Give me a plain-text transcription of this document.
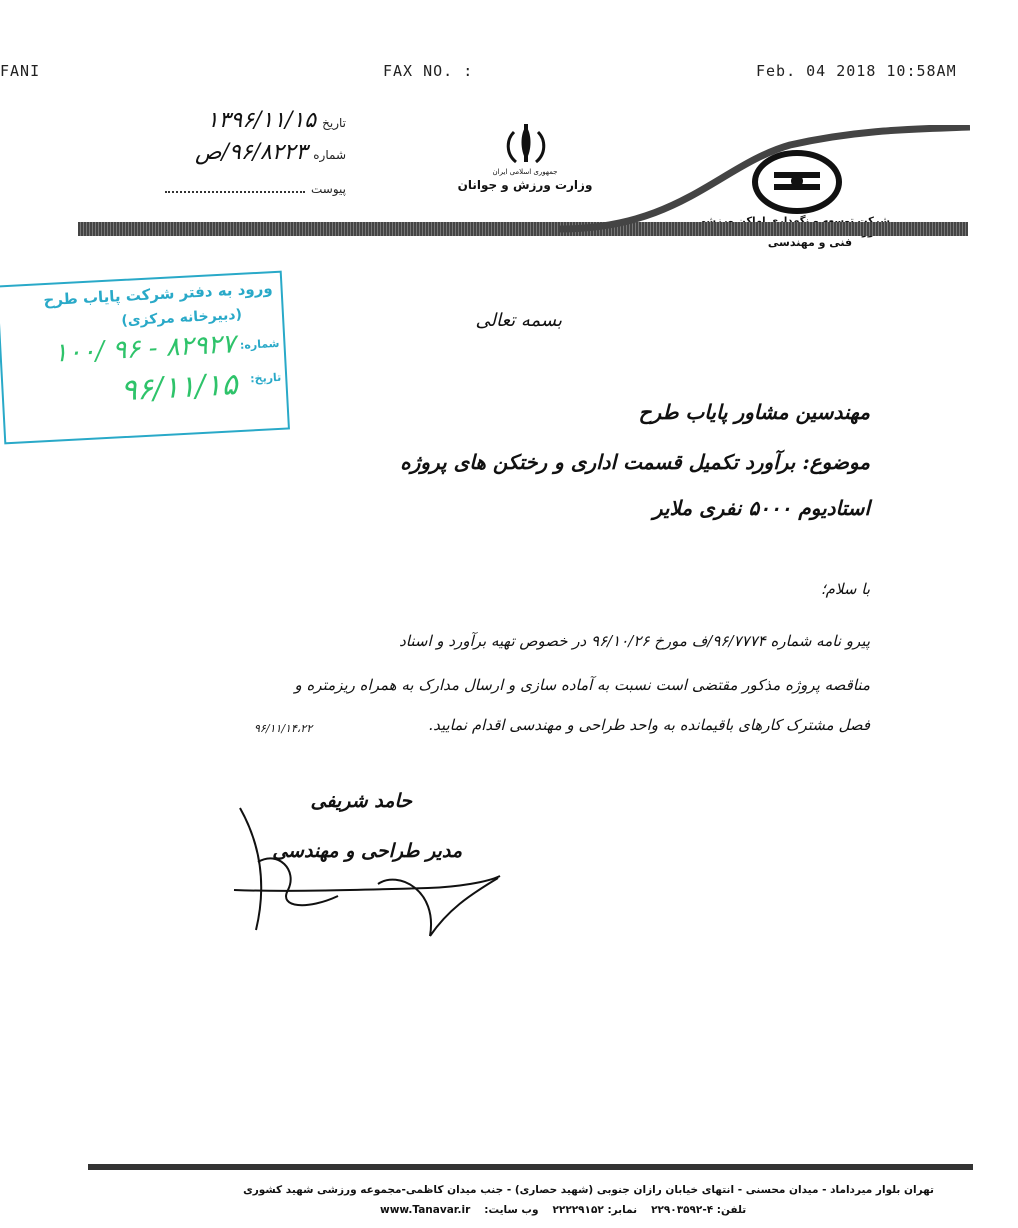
FANI	FAX NO. :	Feb. 04 2018 10:58AM
تاریخ
۱۳۹۶/۱۱/۱۵
شماره
۹۶/۸۲۲۳/ص
پیوست
جمهوری اسلامی ایران
وزارت ورزش و جوانان
فنی و مهندسی
ورود به دفتر شرکت پایاب طرح
(دبیرخانه مرکزی)
شماره:
۸۲۹۲۷ - ۹۶ /۱۰۰
تاریخ:
۹۶/۱۱/۱۵
بسمه تعالی
مهندسین مشاور پایاب طرح
موضوع: برآورد تکمیل قسمت اداری و رختکن های پروژه
استادیوم ۵۰۰۰ نفری ملایر
با سلام؛
پیرو نامه شماره ۹۶/۷۷۷۴/ف مورخ ۹۶/۱۰/۲۶ در خصوص تهیه برآورد و اسناد
مناقصه پروژه مذکور مقتضی است نسبت به آماده سازی و ارسال مدارک به همراه ریزمتره و
فصل مشترک کارهای باقیمانده به واحد طراحی و مهندسی اقدام نمایید.
۹۶/۱۱/۱۴،۲۲
حامد شریفی
مدیر طراحی و مهندسی
تهران بلوار میرداماد - میدان محسنی - انتهای خیابان رازان جنوبی (شهید حصاری) - جنب میدان کاظمی-مجموعه ورزشی شهید کشوری
تلفن: ۴-۲۲۹۰۳۵۹۲
نمابر: ۲۲۲۲۹۱۵۲
وب سایت:
www.Tanavar.ir
